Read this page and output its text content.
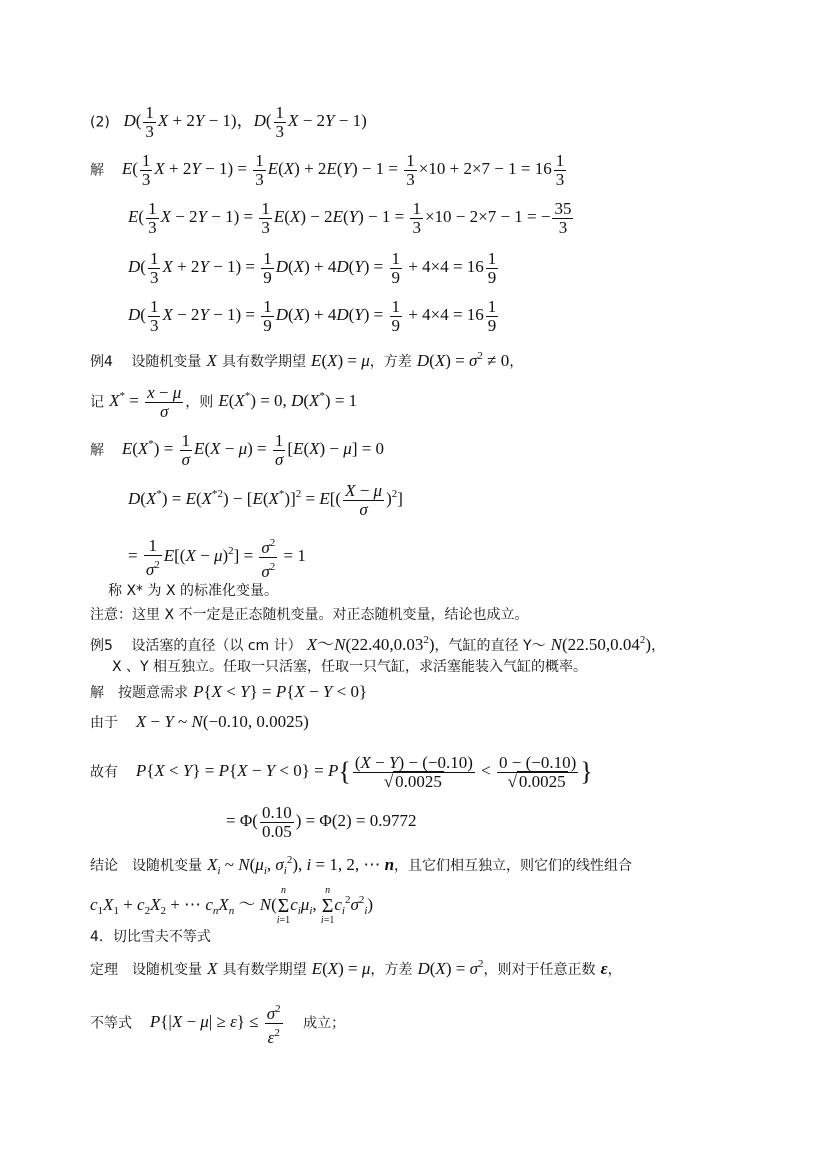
(2) $D( \frac{1}{3}$ X + 2Y − 1)，$D( \frac{1}{3}$ X − 2Y − 1)
解 $E( \frac{1}{3}$ $X + 2Y - 1) = \frac{1}{3} E(X) + 2E(Y) - 1 = \frac{1}{3} \times 10 + 2\times 7 - 1 = 16 \frac{1}{3}$
$E( \frac{1}{3}$ $X - 2Y - 1) = \frac{1}{3} E(X) - 2E(Y) - 1 = \frac{1}{3} \times 10 - 2\times 7 - 1$ = − $\frac{35}{3}$
$D( \frac{1}{3}$ $X + 2Y - 1) = \frac{1}{9} D(X) + 4D(Y) = \frac{1}{9} + 4\times 4 = 16 \frac{1}{9}$
$D( \frac{1}{3}$ $X - 2Y - 1) = \frac{1}{9} D(X) + 4D(Y) = \frac{1}{9} + 4\times 4 = 16 \frac{1}{9}$
例4 设随机变量 X 具有数学期望 E(X) = μ，方差 $D(X) = \sigma^2 \ne 0$，
记 $X^* = \frac{x - \mu}{\sigma}$ ，则 E(X*) = 0, D(X*) = 1
解 $E(X^*) = \frac{1}{\sigma} E(X - \mu) = \frac{1}{\sigma} [E(X) - \mu] = 0$
$D(X^*) = E(X^{*2}) - [E(X^*)]^2 = E[( \frac{X - \mu}{\sigma} )^2]$
= $\frac{1}{\sigma^2} E[(X - \mu)^2] = \frac{\sigma^2}{\sigma^2} = 1$
称 X* 为 X 的标准化变量。
注意：这里 X 不一定是正态随机变量。对正态随机变量，结论也成立。
例5 设活塞的直径（以 cm 计） X～N(22.40,0.03$^2$)，气缸的直径 Y～ N(22.50,0.04$^2$)，
X 、Y 相互独立。任取一只活塞，任取一只气缸，求活塞能装入气缸的概率。
解 按题意需求 P{X < Y} = P{X − Y < 0}
由于 X − Y ~ N(−0.10, 0.0025)
故有 $P\{X < Y\} = P\{X - Y < 0\} = P\{ \frac{(X - Y) - (-0.10)}{√ 0.0025} < \frac{0 - (-0.10)}{√ 0.0025}$ }
= $\Phi( \frac{0.10}{0.05}$ ) = Φ(2) = 0.9772
结论 设随机变量 $X_i$ ~ $N(\mu_i$, $\sigma_i^2$), i = 1, 2, ⋯ n，且它们相互独立，则它们的线性组合
$c_1X_1 + c_2X_2$ + ⋯ $c_nX_n$ ～ N(n
Σ
$i=1c_i\mu_i$, n
Σ
$i=1c_i^2\sigma^2_i$)
4．切比雪夫不等式
定理 设随机变量 X 具有数学期望 E(X) = μ，方差 $D(X) = \sigma^2$，则对于任意正数 ε，
不等式 $P\{|X - \mu| \ge \varepsilon\} \le \frac{\sigma^2}{\varepsilon^2}$ 成立；
